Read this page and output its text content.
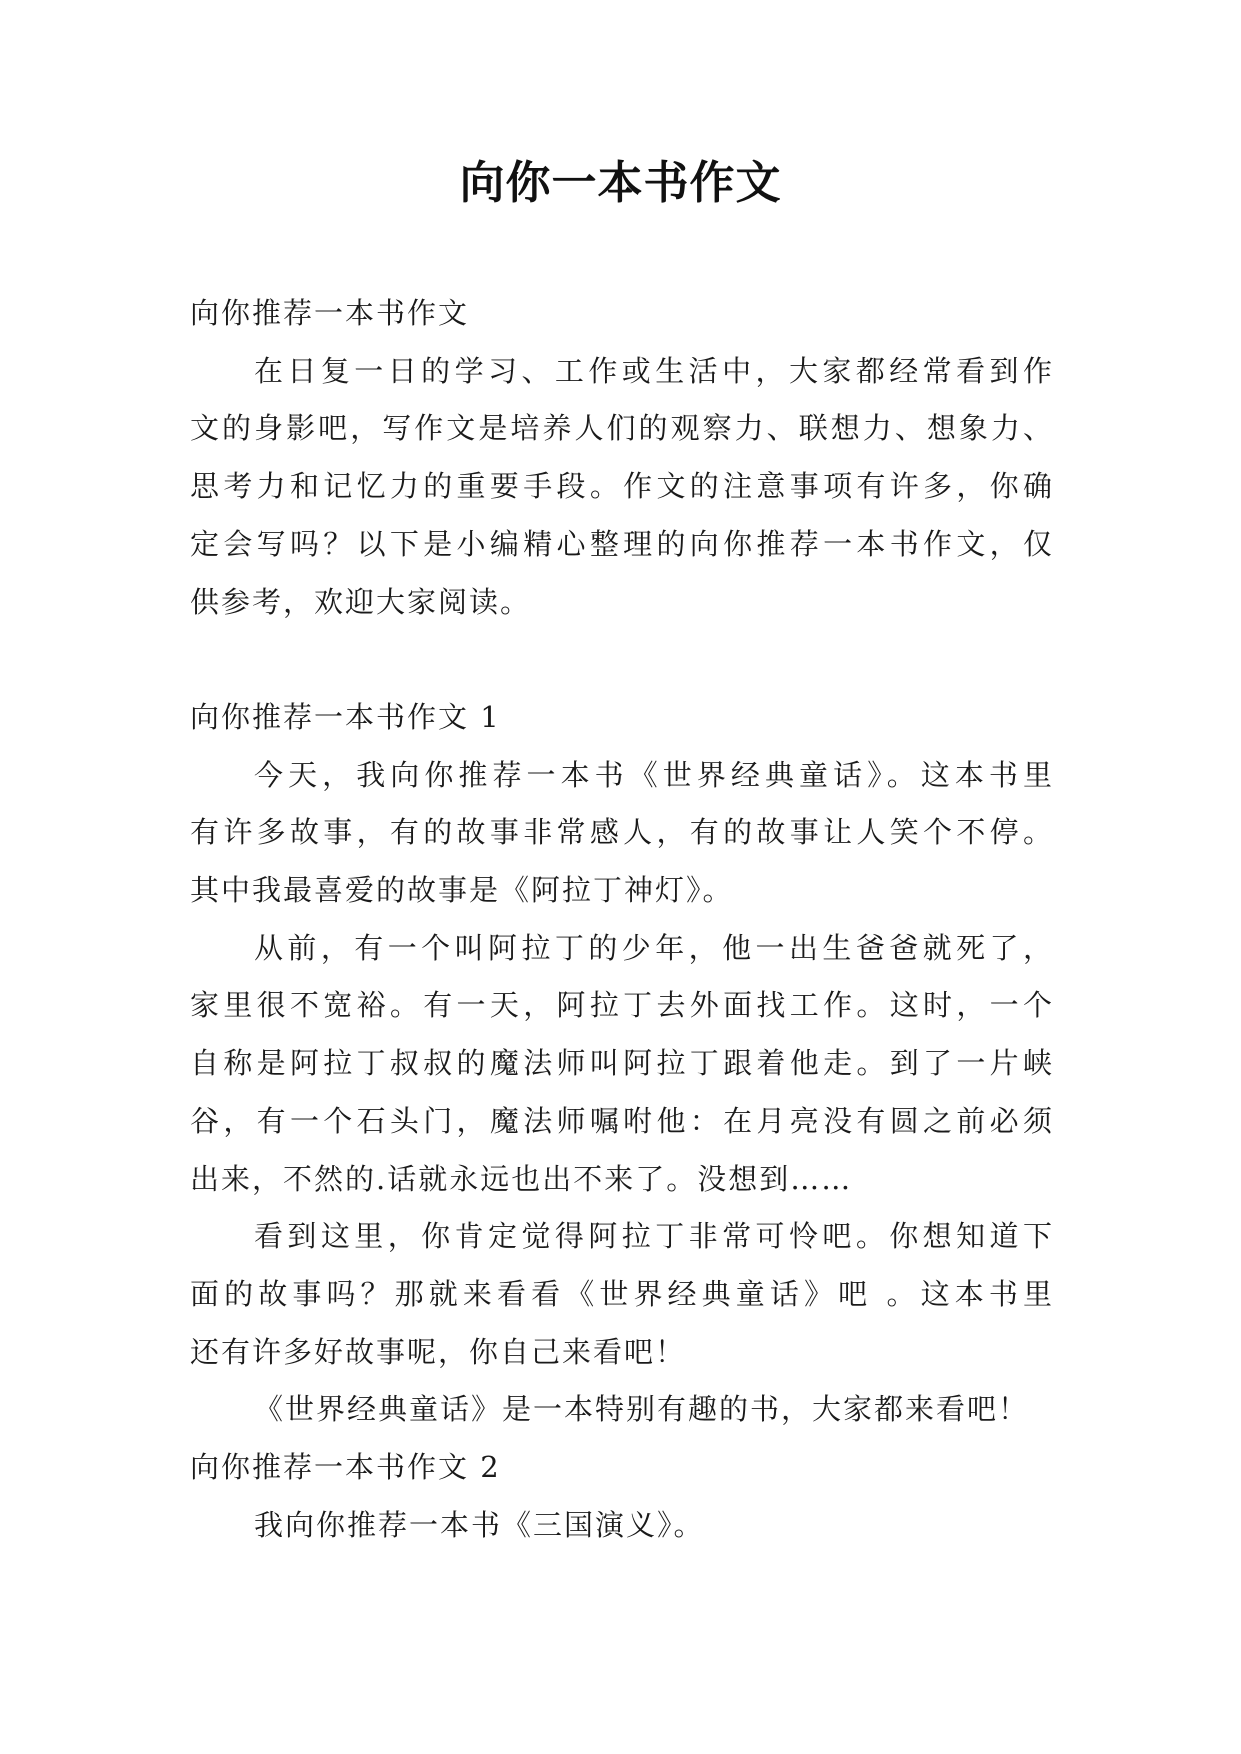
向你一本书作文
向你推荐一本书作文
在日复一日的学习、工作或生活中，大家都经常看到作
文的身影吧，写作文是培养人们的观察力、联想力、想象力、
思考力和记忆力的重要手段。作文的注意事项有许多，你确
定会写吗？以下是小编精心整理的向你推荐一本书作文，仅
供参考，欢迎大家阅读。
向你推荐一本书作文 1
今天，我向你推荐一本书《世界经典童话》。这本书里
有许多故事，有的故事非常感人，有的故事让人笑个不停。
其中我最喜爱的故事是《阿拉丁神灯》。
从前，有一个叫阿拉丁的少年，他一出生爸爸就死了，
家里很不宽裕。有一天，阿拉丁去外面找工作。这时，一个
自称是阿拉丁叔叔的魔法师叫阿拉丁跟着他走。到了一片峡
谷，有一个石头门，魔法师嘱咐他：在月亮没有圆之前必须
出来，不然的.话就永远也出不来了。没想到……
看到这里，你肯定觉得阿拉丁非常可怜吧。你想知道下
面的故事吗？那就来看看《世界经典童话》吧 。这本书里
还有许多好故事呢，你自己来看吧！
《世界经典童话》是一本特别有趣的书，大家都来看吧！
向你推荐一本书作文 2
我向你推荐一本书《三国演义》。
